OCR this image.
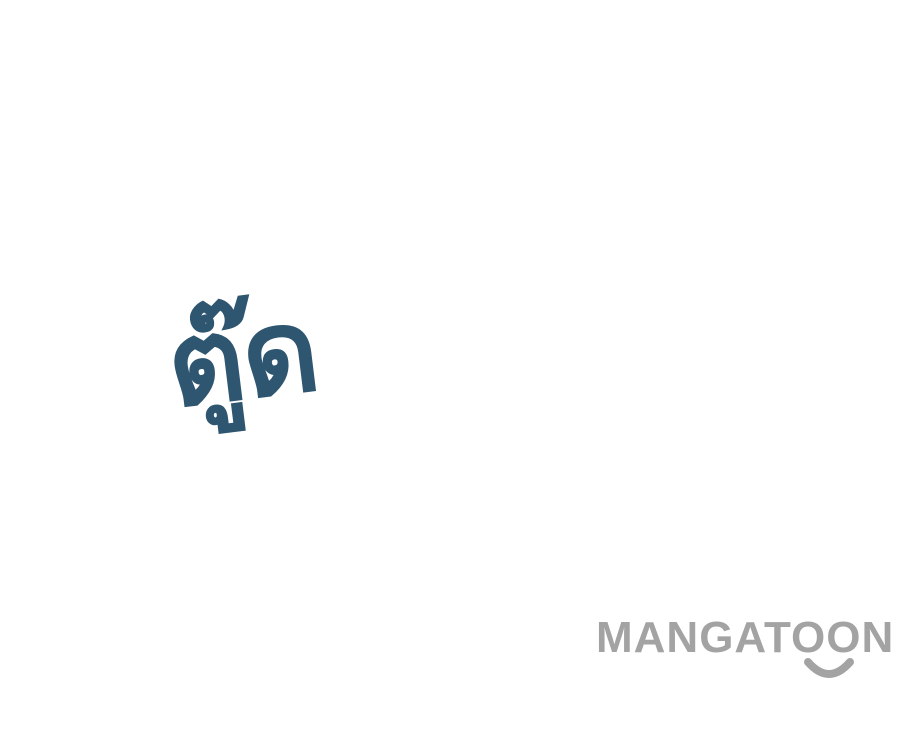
ตู๊ด

MANGATOON
